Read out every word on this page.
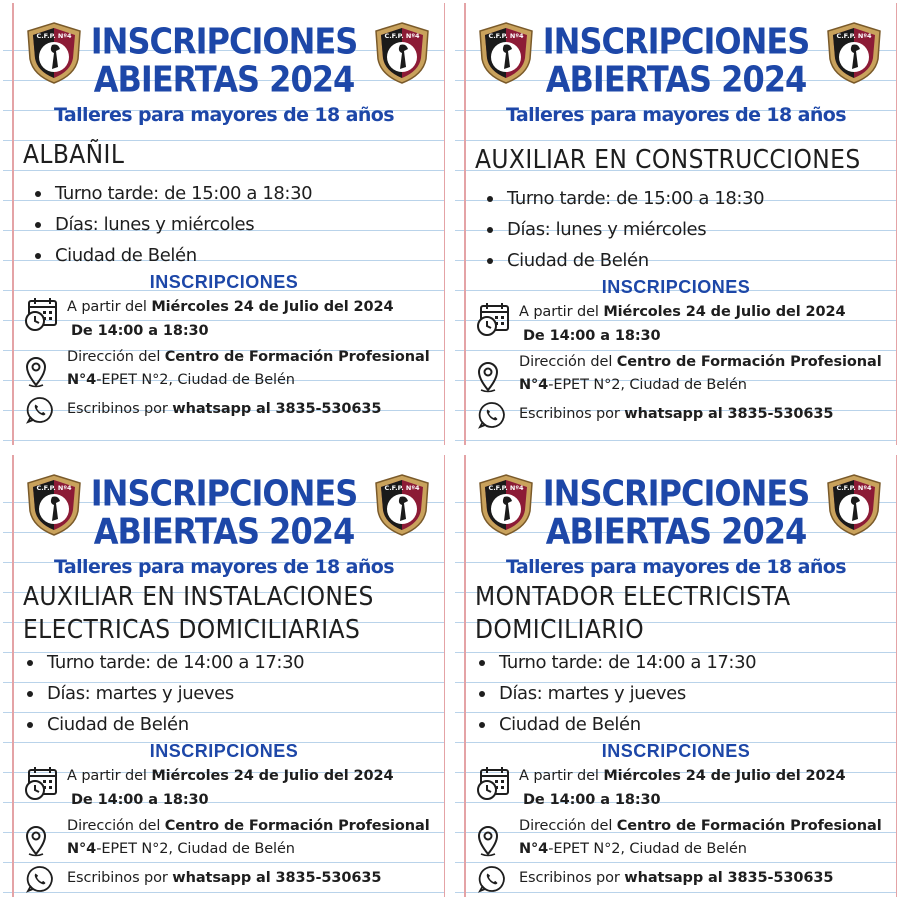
C.F.P. Nº4	C.F.P. Nº4
INSCRIPCIONES
ABIERTAS 2024
Talleres para mayores de 18 años
ALBAÑIL
Turno tarde: de 15:00 a 18:30
Días: lunes y miércoles
Ciudad de Belén
INSCRIPCIONES
A partir del Miércoles 24 de Julio del 2024
De 14:00 a 18:30
Dirección del Centro de Formación Profesional
N°4-EPET N°2, Ciudad de Belén
Escribinos por whatsapp al 3835-530635
C.F.P. Nº4	C.F.P. Nº4
INSCRIPCIONES
ABIERTAS 2024
Talleres para mayores de 18 años
AUXILIAR EN CONSTRUCCIONES
Turno tarde: de 15:00 a 18:30
Días: lunes y miércoles
Ciudad de Belén
INSCRIPCIONES
A partir del Miércoles 24 de Julio del 2024
De 14:00 a 18:30
Dirección del Centro de Formación Profesional
N°4-EPET N°2, Ciudad de Belén
Escribinos por whatsapp al 3835-530635
C.F.P. Nº4	C.F.P. Nº4
INSCRIPCIONES
ABIERTAS 2024
Talleres para mayores de 18 años
AUXILIAR EN INSTALACIONES
ELECTRICAS DOMICILIARIAS
Turno tarde: de 14:00 a 17:30
Días: martes y jueves
Ciudad de Belén
INSCRIPCIONES
A partir del Miércoles 24 de Julio del 2024
De 14:00 a 18:30
Dirección del Centro de Formación Profesional
N°4-EPET N°2, Ciudad de Belén
Escribinos por whatsapp al 3835-530635
C.F.P. Nº4	C.F.P. Nº4
INSCRIPCIONES
ABIERTAS 2024
Talleres para mayores de 18 años
MONTADOR ELECTRICISTA
DOMICILIARIO
Turno tarde: de 14:00 a 17:30
Días: martes y jueves
Ciudad de Belén
INSCRIPCIONES
A partir del Miércoles 24 de Julio del 2024
De 14:00 a 18:30
Dirección del Centro de Formación Profesional
N°4-EPET N°2, Ciudad de Belén
Escribinos por whatsapp al 3835-530635
